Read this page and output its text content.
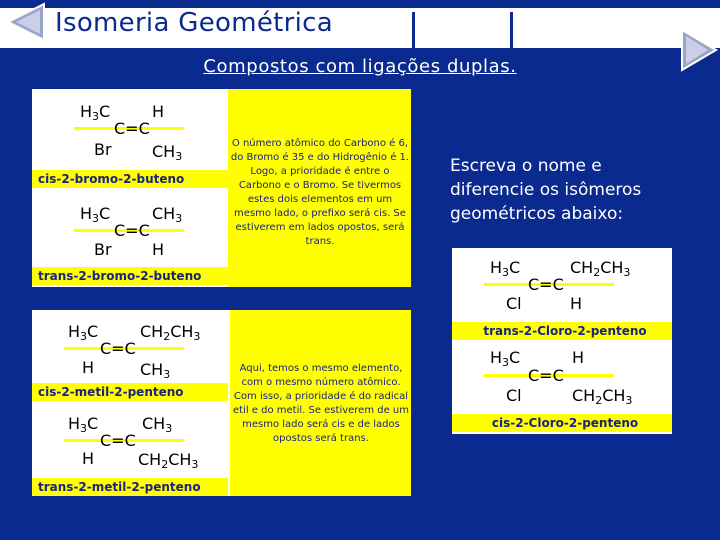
Isomeria Geométrica
Compostos com ligações duplas.
O número atômico do Carbono é 6, do Bromo é 35 e do Hidrogênio é 1. Logo, a prioridade é entre o Carbono e o Bromo. Se tivermos estes dois elementos em um mesmo lado, o prefixo será cis. Se estiverem em lados opostos, será trans.
$H_3C$	H
C=C
Br	$CH_3$
cis-2-bromo-2-buteno
$H_3C$	$CH_3$
C=C
Br	H
trans-2-bromo-2-buteno
Aqui, temos o mesmo elemento, com o mesmo número atômico. Com isso, a prioridade é do radical etil e do metil. Se estiverem de um mesmo lado será cis e de lados opostos será trans.
$H_3C$	$CH_2CH_3$
C=C
H	$CH_3$
cis-2-metil-2-penteno
$H_3C$	$CH_3$
C=C
H	$CH_2CH_3$
trans-2-metil-2-penteno
Escreva o nome e diferencie os isômeros geométricos abaixo:
$H_3C$	$CH_2CH_3$
C=C
Cl	H
trans-2-Cloro-2-penteno
$H_3C$	H
C=C
Cl	$CH_2CH_3$
cis-2-Cloro-2-penteno
